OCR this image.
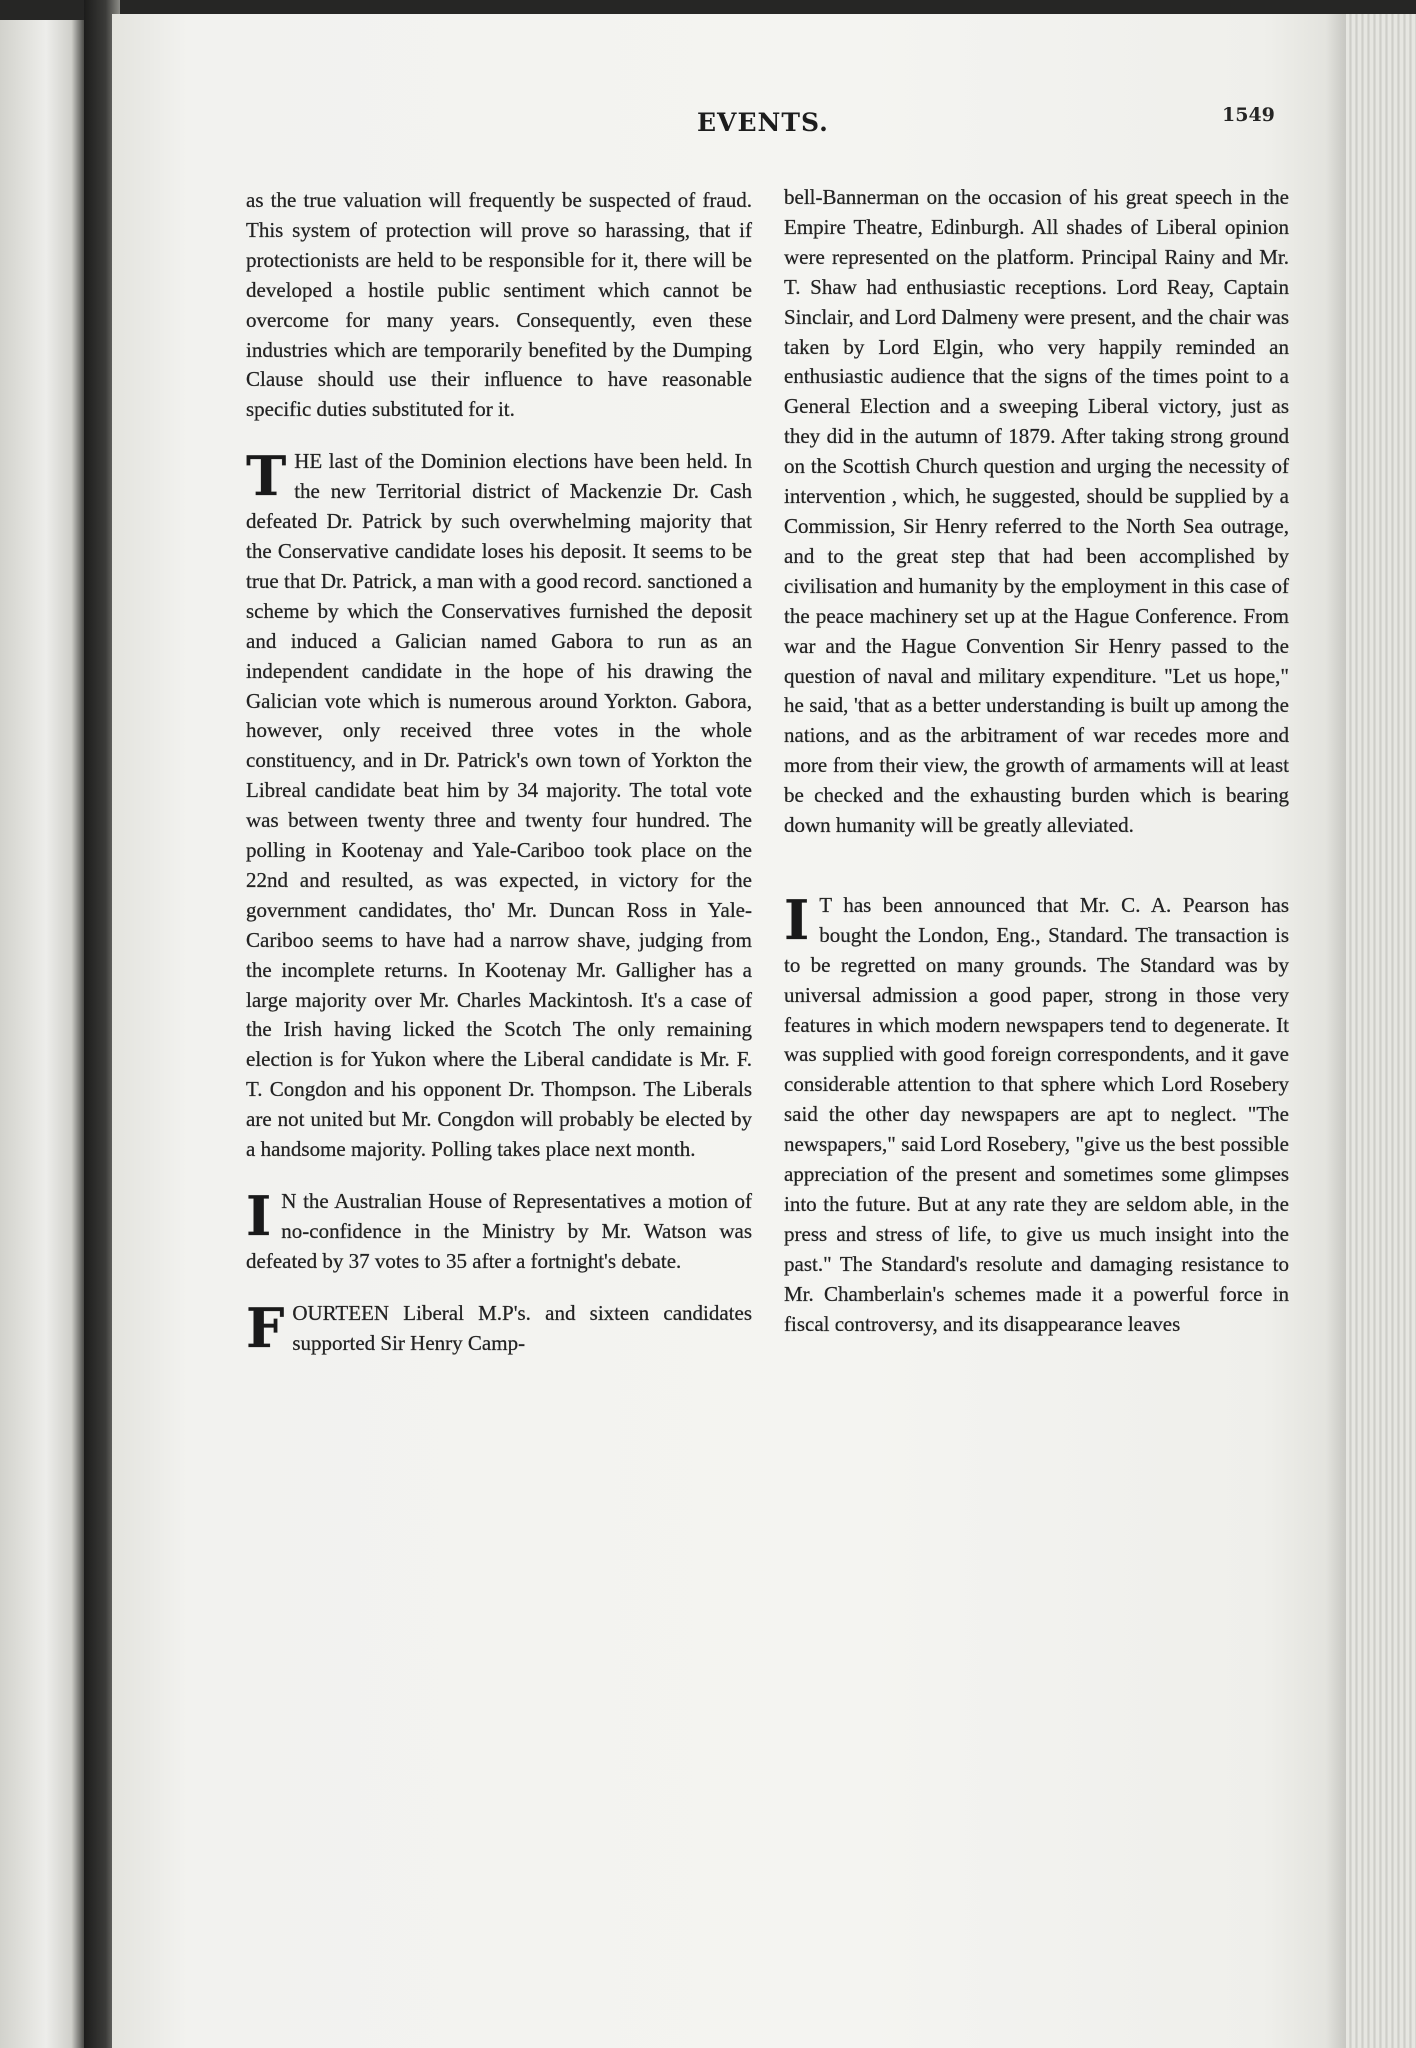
EVENTS.	1549

as the true valuation will frequently be suspected of fraud. This system of protection will prove so harassing, that if protectionists are held to be responsible for it, there will be developed a hostile public sentiment which cannot be overcome for many years. Consequently, even these industries which are temporarily benefited by the Dumping Clause should use their influence to have reasonable specific duties substituted for it.

THE last of the Dominion elections have been held. In the new Territorial district of Mackenzie Dr. Cash defeated Dr. Patrick by such overwhelming majority that the Conservative candidate loses his deposit. It seems to be true that Dr. Patrick, a man with a good record. sanctioned a scheme by which the Conservatives furnished the deposit and induced a Galician named Gabora to run as an independent candidate in the hope of his drawing the Galician vote which is numerous around Yorkton. Gabora, however, only received three votes in the whole constituency, and in Dr. Patrick's own town of Yorkton the Libreal candidate beat him by 34 majority. The total vote was between twenty three and twenty four hundred. The polling in Kootenay and Yale-Cariboo took place on the 22nd and resulted, as was expected, in victory for the government candidates, tho' Mr. Duncan Ross in Yale-Cariboo seems to have had a narrow shave, judging from the incomplete returns. In Kootenay Mr. Galligher has a large majority over Mr. Charles Mackintosh. It's a case of the Irish having licked the Scotch The only remaining election is for Yukon where the Liberal candidate is Mr. F. T. Congdon and his opponent Dr. Thompson. The Liberals are not united but Mr. Congdon will probably be elected by a handsome majority. Polling takes place next month.

I N the Australian House of Representatives a motion of no-confidence in the Ministry by Mr. Watson was defeated by 37 votes to 35 after a fortnight's debate.

FOURTEEN Liberal M.P's. and sixteen candidates supported Sir Henry Camp-

bell-Bannerman on the occasion of his great speech in the Empire Theatre, Edinburgh. All shades of Liberal opinion were represented on the platform. Principal Rainy and Mr. T. Shaw had enthusiastic receptions. Lord Reay, Captain Sinclair, and Lord Dalmeny were present, and the chair was taken by Lord Elgin, who very happily reminded an enthusiastic audience that the signs of the times point to a General Election and a sweeping Liberal victory, just as they did in the autumn of 1879. After taking strong ground on the Scottish Church question and urging the necessity of intervention , which, he suggested, should be supplied by a Commission, Sir Henry referred to the North Sea outrage, and to the great step that had been accomplished by civilisation and humanity by the employment in this case of the peace machinery set up at the Hague Conference. From war and the Hague Convention Sir Henry passed to the question of naval and military expenditure. "Let us hope," he said, 'that as a better understanding is built up among the nations, and as the arbitrament of war recedes more and more from their view, the growth of armaments will at least be checked and the exhausting burden which is bearing down humanity will be greatly alleviated.

I T has been announced that Mr. C. A. Pearson has bought the London, Eng., Standard. The transaction is to be regretted on many grounds. The Standard was by universal admission a good paper, strong in those very features in which modern newspapers tend to degenerate. It was supplied with good foreign correspondents, and it gave considerable attention to that sphere which Lord Rosebery said the other day newspapers are apt to neglect. "The newspapers," said Lord Rosebery, "give us the best possible appreciation of the present and sometimes some glimpses into the future. But at any rate they are seldom able, in the press and stress of life, to give us much insight into the past." The Standard's resolute and damaging resistance to Mr. Chamberlain's schemes made it a powerful force in fiscal controversy, and its disappearance leaves
